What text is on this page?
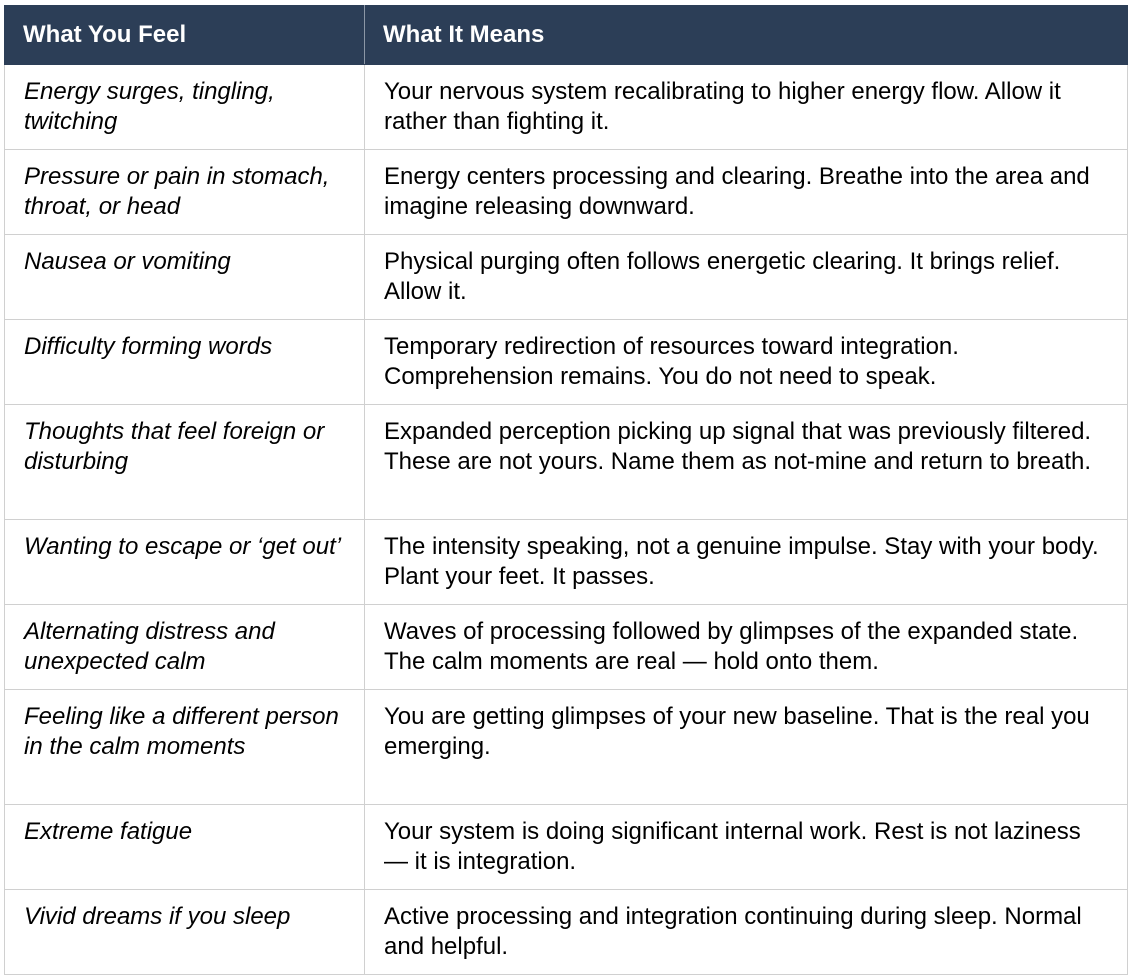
What You Feel	What It Means
Energy surges, tingling, twitching	Your nervous system recalibrating to higher energy flow. Allow it rather than fighting it.
Pressure or pain in stomach, throat, or head	Energy centers processing and clearing. Breathe into the area and imagine releasing downward.
Nausea or vomiting	Physical purging often follows energetic clearing. It brings relief. Allow it.
Difficulty forming words	Temporary redirection of resources toward integration. Comprehension remains. You do not need to speak.
Thoughts that feel foreign or disturbing	Expanded perception picking up signal that was previously filtered. These are not yours. Name them as not-mine and return to breath.
Wanting to escape or ‘get out’	The intensity speaking, not a genuine impulse. Stay with your body. Plant your feet. It passes.
Alternating distress and unexpected calm	Waves of processing followed by glimpses of the expanded state. The calm moments are real — hold onto them.
Feeling like a different person in the calm moments	You are getting glimpses of your new baseline. That is the real you emerging.
Extreme fatigue	Your system is doing significant internal work. Rest is not laziness — it is integration.
Vivid dreams if you sleep	Active processing and integration continuing during sleep. Normal and helpful.
